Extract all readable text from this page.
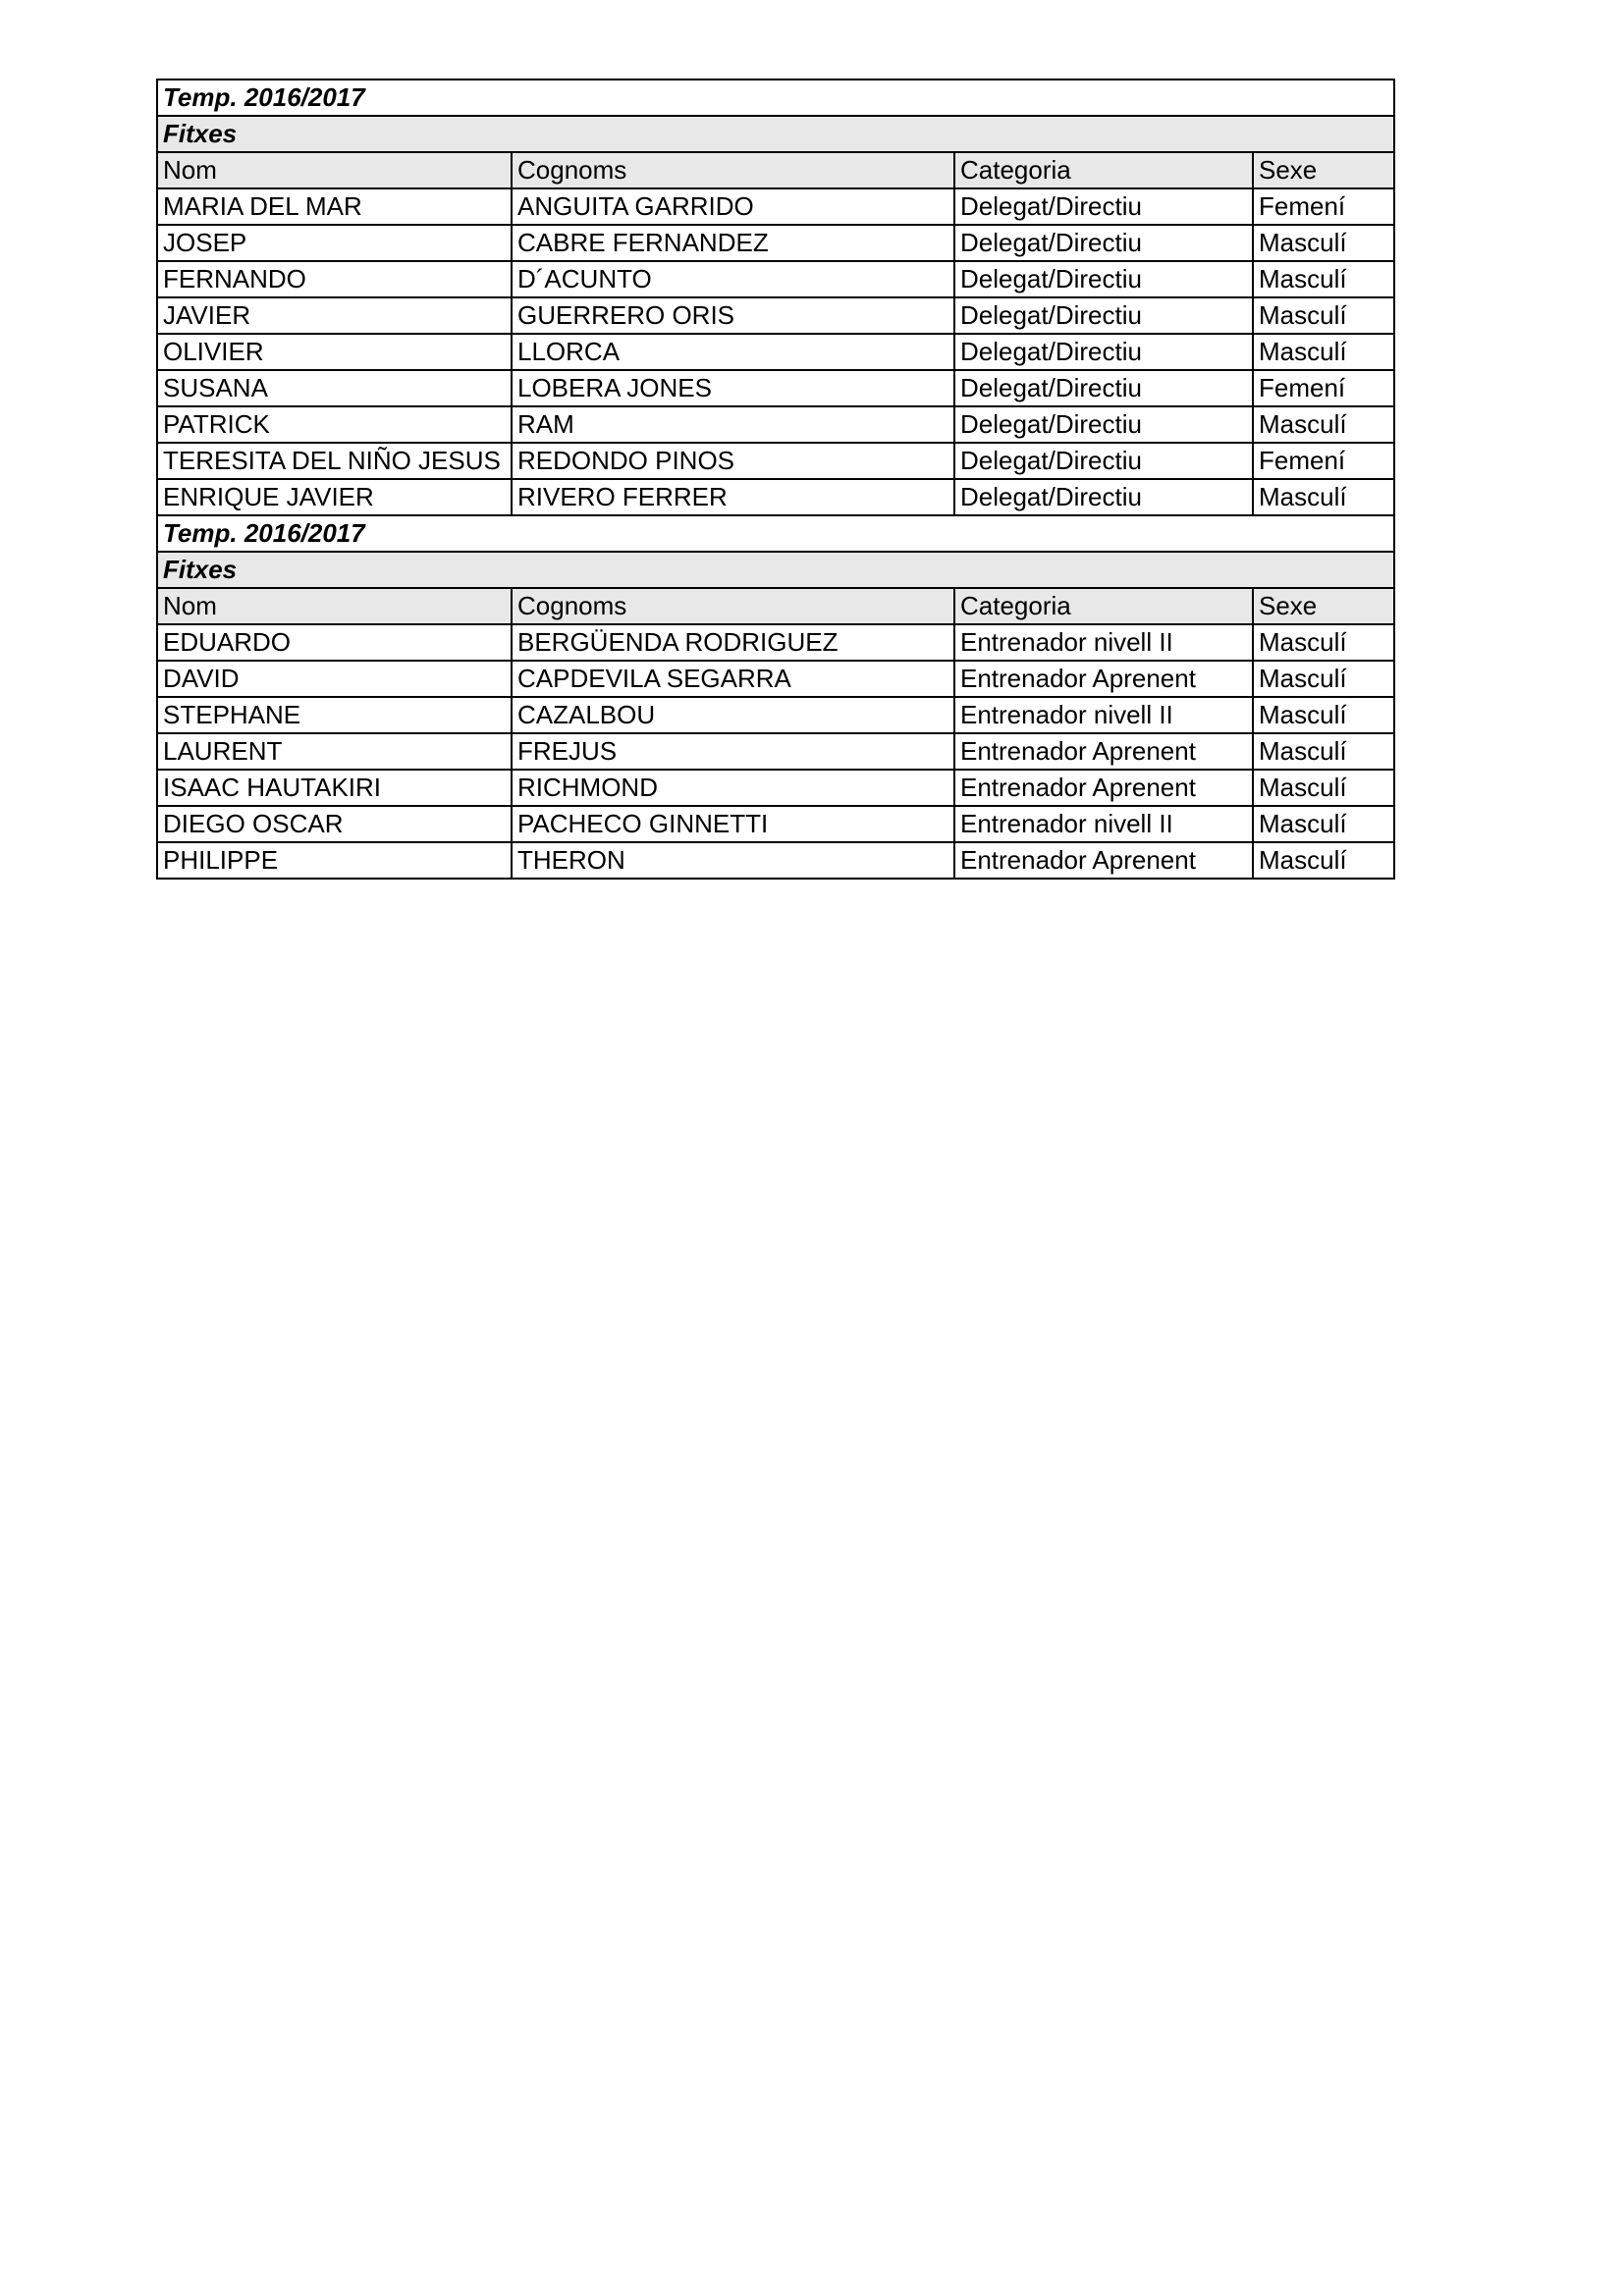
Temp. 2016/2017			
Fitxes			
Nom	Cognoms	Categoria	Sexe
MARIA DEL MAR	ANGUITA GARRIDO	Delegat/Directiu	Femení
JOSEP	CABRE FERNANDEZ	Delegat/Directiu	Masculí
FERNANDO	D´ACUNTO	Delegat/Directiu	Masculí
JAVIER	GUERRERO ORIS	Delegat/Directiu	Masculí
OLIVIER	LLORCA	Delegat/Directiu	Masculí
SUSANA	LOBERA JONES	Delegat/Directiu	Femení
PATRICK	RAM	Delegat/Directiu	Masculí
TERESITA DEL NIÑO JESUS	REDONDO PINOS	Delegat/Directiu	Femení
ENRIQUE JAVIER	RIVERO FERRER	Delegat/Directiu	Masculí
Temp. 2016/2017			
Fitxes			
Nom	Cognoms	Categoria	Sexe
EDUARDO	BERGÜENDA RODRIGUEZ	Entrenador nivell II	Masculí
DAVID	CAPDEVILA SEGARRA	Entrenador Aprenent	Masculí
STEPHANE	CAZALBOU	Entrenador nivell II	Masculí
LAURENT	FREJUS	Entrenador Aprenent	Masculí
ISAAC HAUTAKIRI	RICHMOND	Entrenador Aprenent	Masculí
DIEGO OSCAR	PACHECO GINNETTI	Entrenador nivell II	Masculí
PHILIPPE	THERON	Entrenador Aprenent	Masculí
